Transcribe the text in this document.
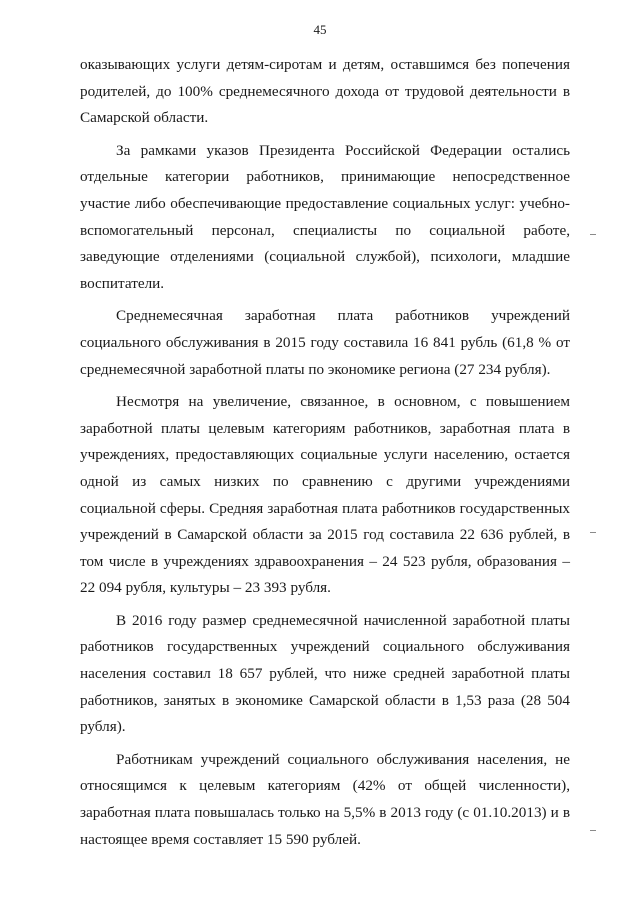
45

оказывающих услуги детям-сиротам и детям, оставшимся без попечения родителей, до 100% среднемесячного дохода от трудовой деятельности в Самарской области.

За рамками указов Президента Российской Федерации остались отдельные категории работников, принимающие непосредственное участие либо обеспечивающие предоставление социальных услуг: учебно-вспомогательный персонал, специалисты по социальной работе, заведующие отделениями (социальной службой), психологи, младшие воспитатели.

Среднемесячная заработная плата работников учреждений социального обслуживания в 2015 году составила 16 841 рубль (61,8 % от среднемесячной заработной платы по экономике региона (27 234 рубля).

Несмотря на увеличение, связанное, в основном, с повышением заработной платы целевым категориям работников, заработная плата в учреждениях, предоставляющих социальные услуги населению, остается одной из самых низких по сравнению с другими учреждениями социальной сферы. Средняя заработная плата работников государственных учреждений в Самарской области за 2015 год составила 22 636 рублей, в том числе в учреждениях здравоохранения – 24 523 рубля, образования – 22 094 рубля, культуры – 23 393 рубля.

В 2016 году размер среднемесячной начисленной заработной платы работников государственных учреждений социального обслуживания населения составил 18 657 рублей, что ниже средней заработной платы работников, занятых в экономике Самарской области в 1,53 раза (28 504 рубля).

Работникам учреждений социального обслуживания населения, не относящимся к целевым категориям (42% от общей численности), заработная плата повышалась только на 5,5% в 2013 году (с 01.10.2013) и в настоящее время составляет 15 590 рублей.
